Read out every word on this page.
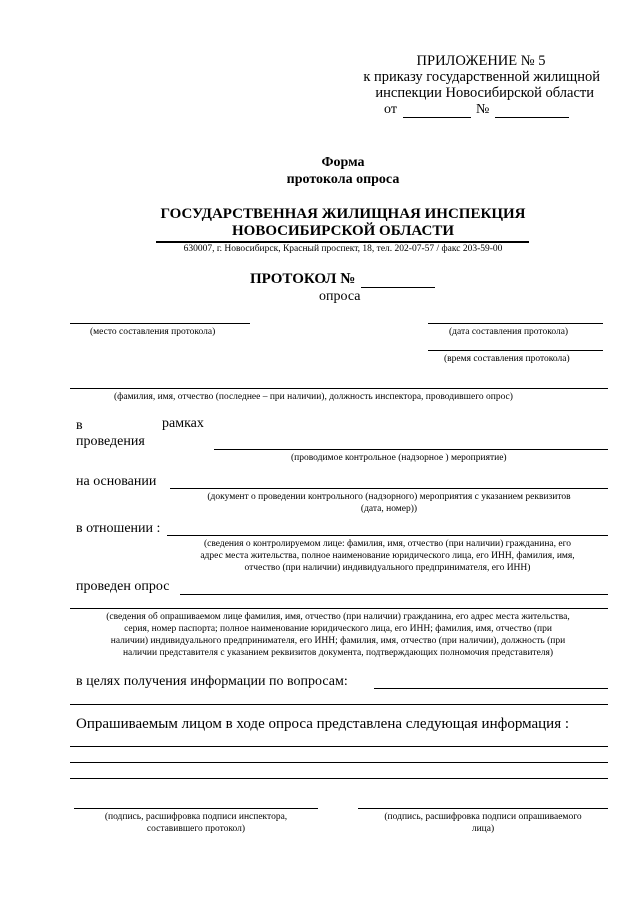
ПРИЛОЖЕНИЕ № 5
к приказу государственной жилищной
инспекции Новосибирской области
от	№
Форма
протокола опроса
ГОСУДАРСТВЕННАЯ ЖИЛИЩНАЯ ИНСПЕКЦИЯ
НОВОСИБИРСКОЙ ОБЛАСТИ
630007, г. Новосибирск, Красный проспект, 18, тел. 202-07-57 / факс 203-59-00
ПРОТОКОЛ №
опроса
(место составления протокола)	(дата составления протокола)
(время составления протокола)
(фамилия, имя, отчество (последнее – при наличии), должность инспектора, проводившего опрос)
в	рамках
проведения
(проводимое контрольное (надзорное ) мероприятие)
на основании
(документ о проведении контрольного (надзорного) мероприятия с указанием реквизитов
(дата, номер))
в отношении :
(сведения о контролируемом лице: фамилия, имя, отчество (при наличии) гражданина, его
адрес места жительства, полное наименование юридического лица, его ИНН, фамилия, имя,
отчество (при наличии) индивидуального предпринимателя, его ИНН)
проведен опрос
(сведения об опрашиваемом лице фамилия, имя, отчество (при наличии) гражданина, его адрес места жительства,
серия, номер паспорта; полное наименование юридического лица, его ИНН; фамилия, имя, отчество (при
наличии) индивидуального предпринимателя, его ИНН; фамилия, имя, отчество (при наличии), должность (при
наличии представителя с указанием реквизитов документа, подтверждающих полномочия представителя)
в целях получения информации по вопросам:
Опрашиваемым лицом в ходе опроса представлена следующая информация :
(подпись, расшифровка подписи инспектора,
составившего протокол)
(подпись, расшифровка подписи опрашиваемого
лица)
